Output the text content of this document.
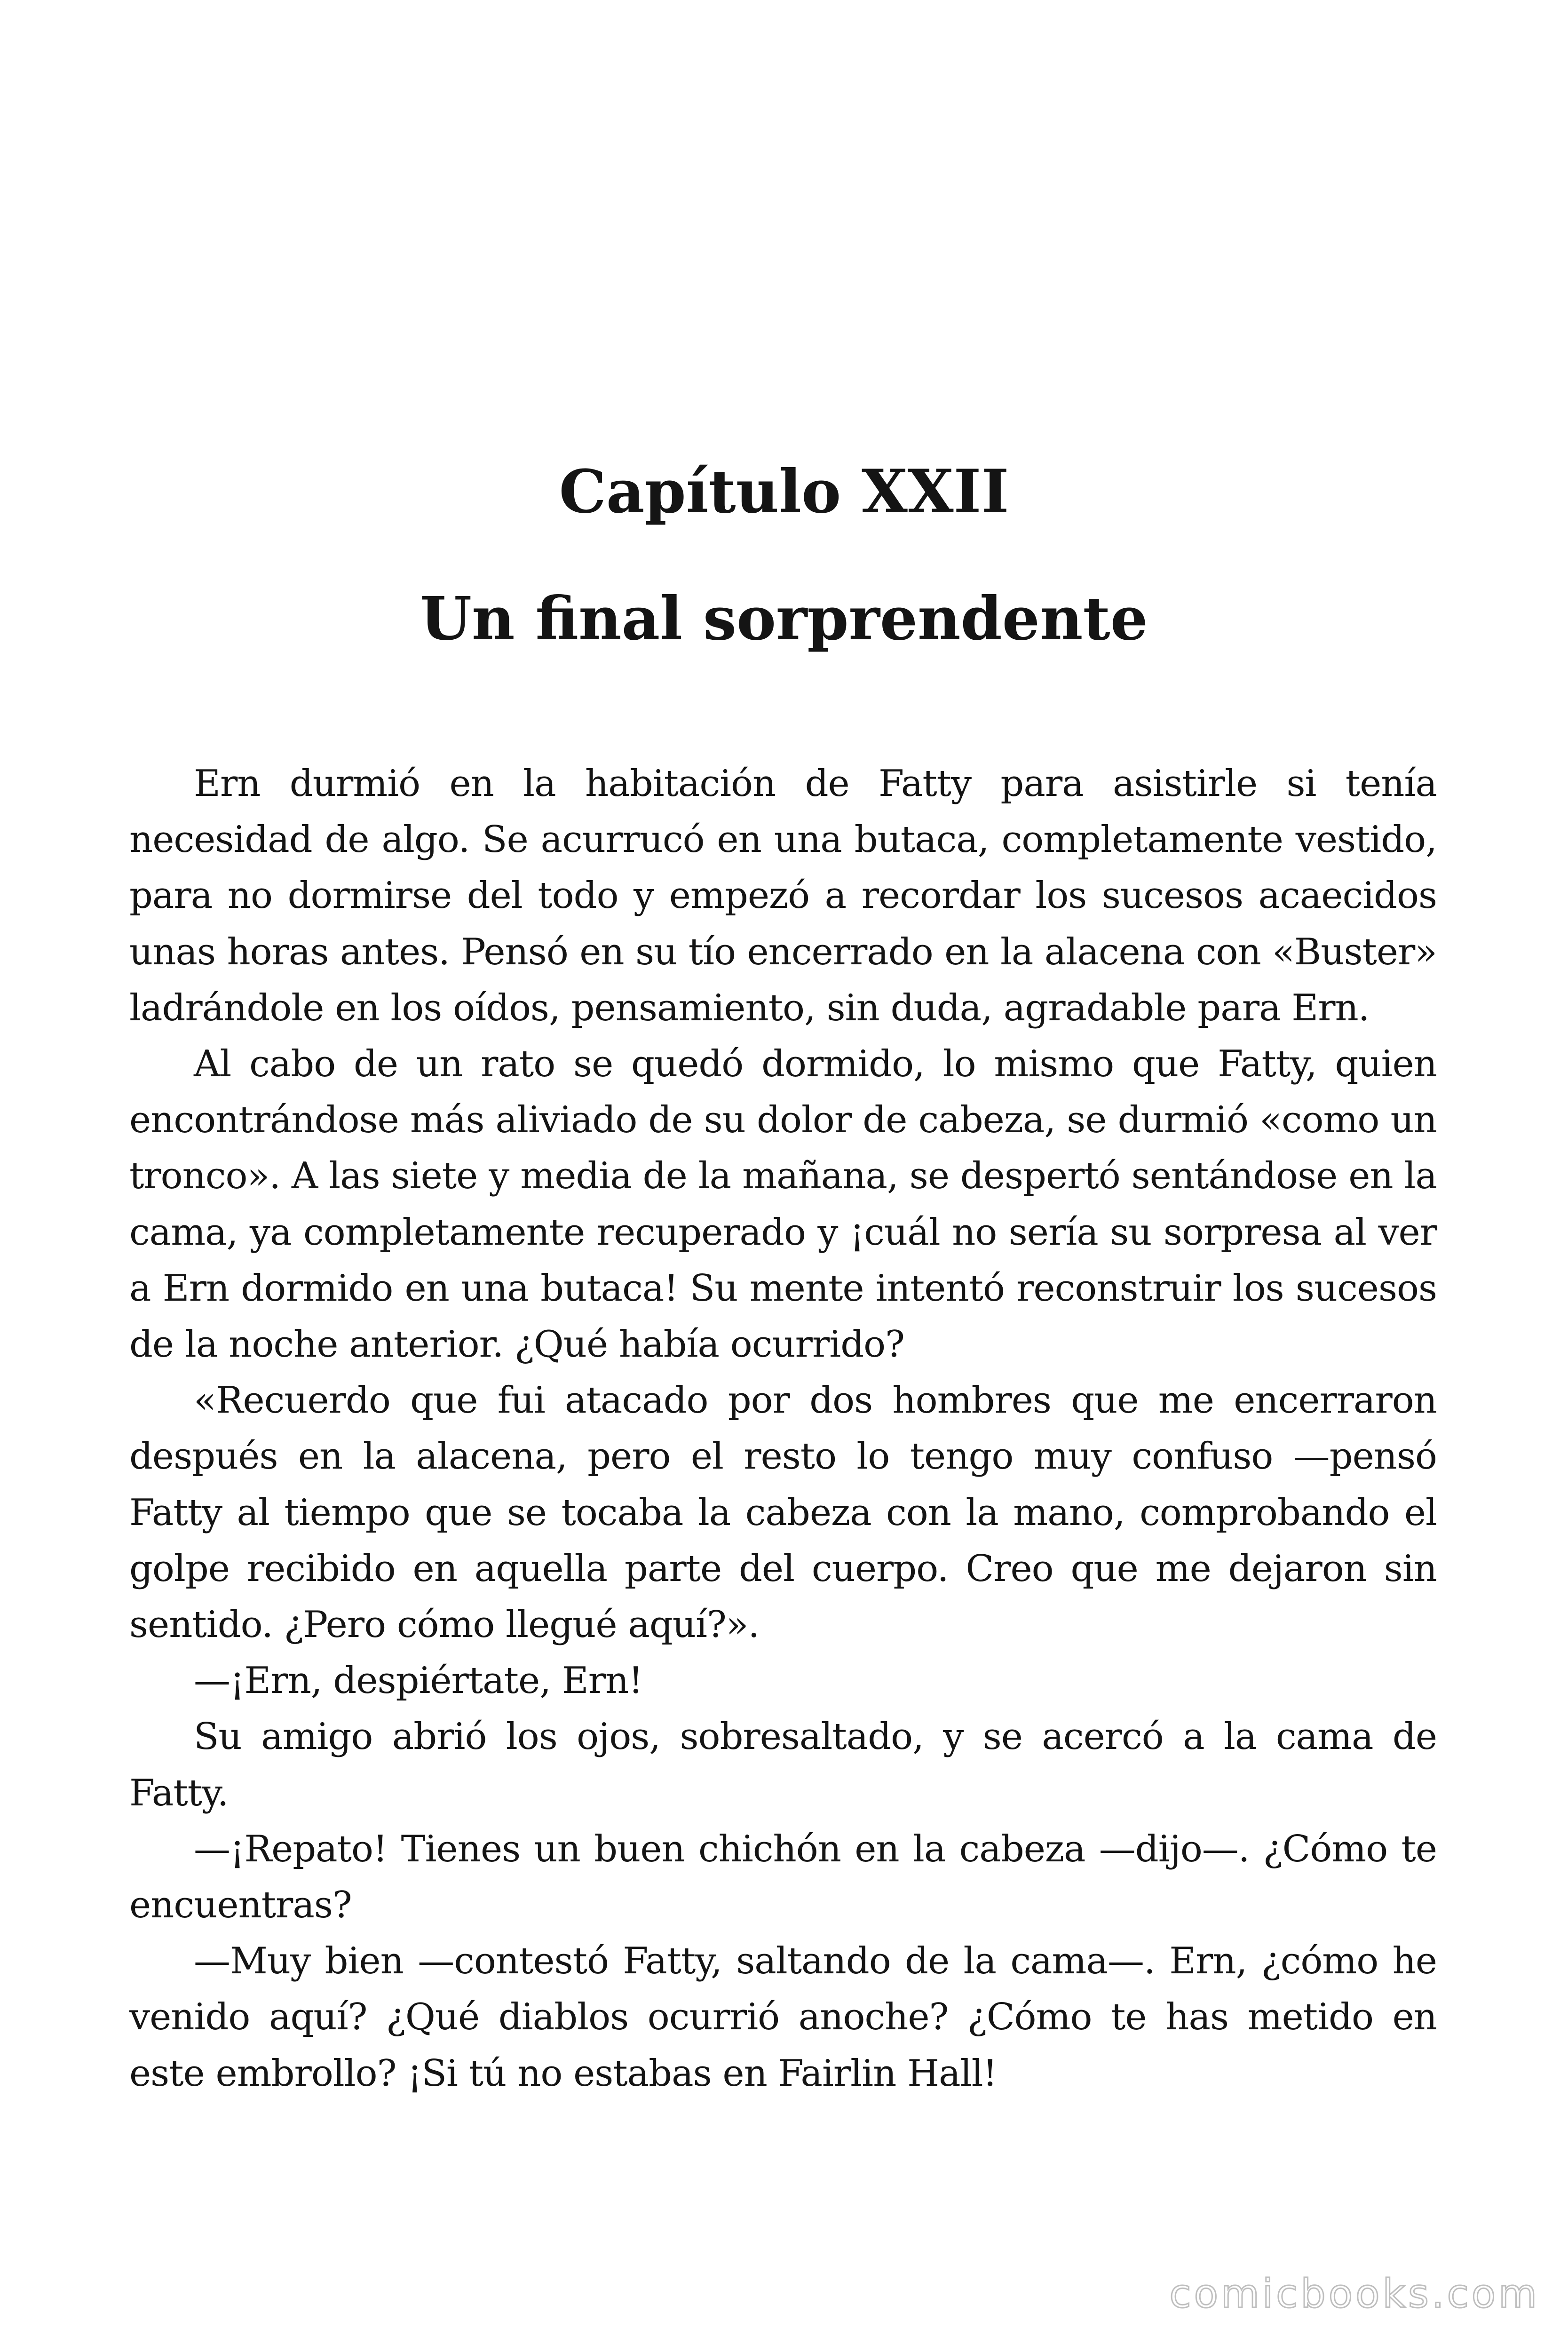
Capítulo XXII
Un final sorprendente

Ern durmió en la habitación de Fatty para asistirle si tenía necesidad de algo. Se acurrucó en una butaca, completamente vestido, para no dormirse del todo y empezó a recordar los sucesos acaecidos unas horas antes. Pensó en su tío encerrado en la alacena con «Buster» ladrándole en los oídos, pensamiento, sin duda, agradable para Ern.

Al cabo de un rato se quedó dormido, lo mismo que Fatty, quien encontrándose más aliviado de su dolor de cabeza, se durmió «como un tronco». A las siete y media de la mañana, se despertó sentándose en la cama, ya completamente recuperado y ¡cuál no sería su sorpresa al ver a Ern dormido en una butaca! Su mente intentó reconstruir los sucesos de la noche anterior. ¿Qué había ocurrido?

«Recuerdo que fui atacado por dos hombres que me encerraron después en la alacena, pero el resto lo tengo muy confuso —pensó Fatty al tiempo que se tocaba la cabeza con la mano, comprobando el golpe recibido en aquella parte del cuerpo. Creo que me dejaron sin sentido. ¿Pero cómo llegué aquí?».

—¡Ern, despiértate, Ern!

Su amigo abrió los ojos, sobresaltado, y se acercó a la cama de Fatty.

—¡Repato! Tienes un buen chichón en la cabeza —dijo—. ¿Cómo te encuentras?

—Muy bien —contestó Fatty, saltando de la cama—. Ern, ¿cómo he venido aquí? ¿Qué diablos ocurrió anoche? ¿Cómo te has metido en este embrollo? ¡Si tú no estabas en Fairlin Hall!

comicbooks.com
